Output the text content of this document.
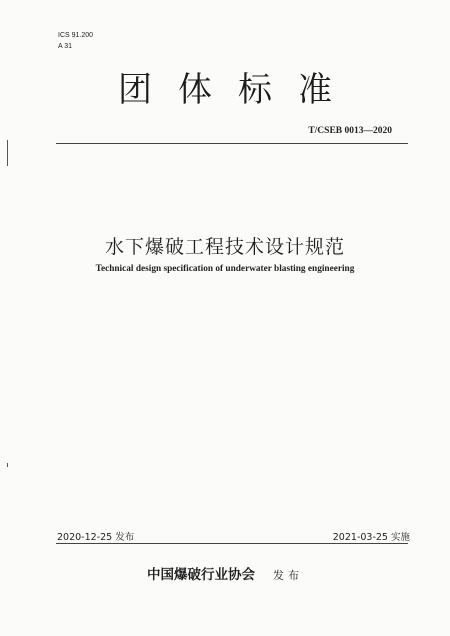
ICS 91.200
A 31
团体标准
T/CSEB 0013—2020
水下爆破工程技术设计规范
Technical design specification of underwater blasting engineering
2020-12-25 发布	2021-03-25 实施
中国爆破行业协会 发布
